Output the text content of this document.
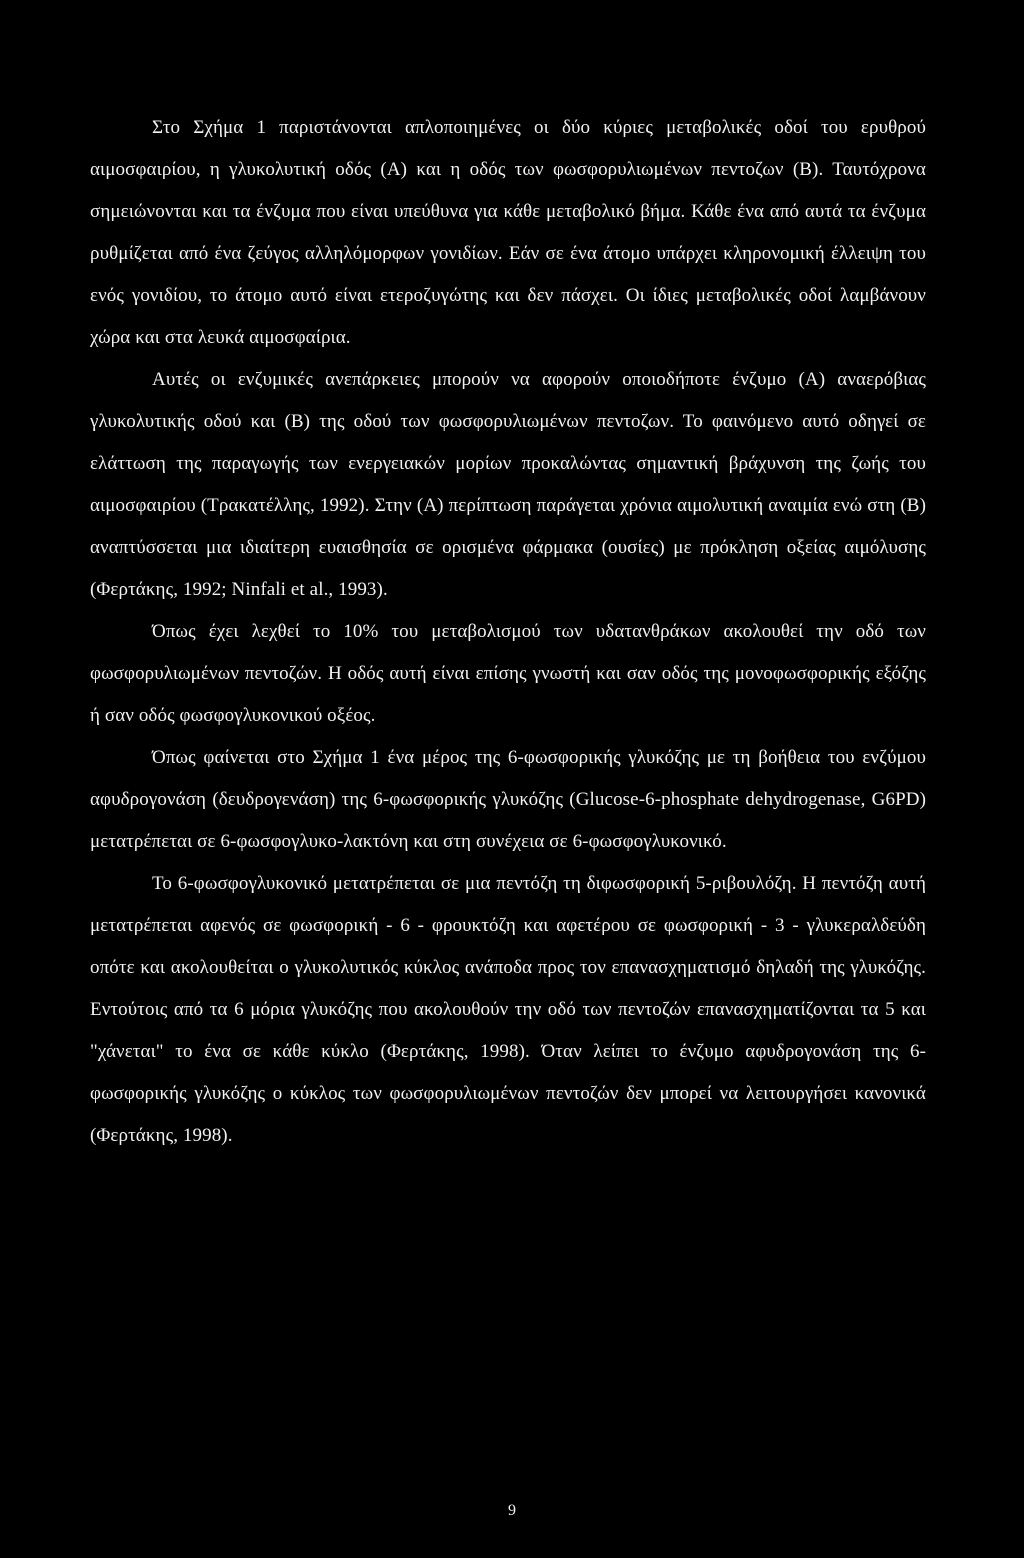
Στο Σχήμα 1 παριστάνονται απλοποιημένες οι δύο κύριες μεταβολικές οδοί του ερυθρού αιμοσφαιρίου, η γλυκολυτική οδός (Α) και η οδός των φωσφορυλιωμένων πεντοζων (Β). Ταυτόχρονα σημειώνονται και τα ένζυμα που είναι υπεύθυνα για κάθε μεταβολικό βήμα. Κάθε ένα από αυτά τα ένζυμα ρυθμίζεται από ένα ζεύγος αλληλόμορφων γονιδίων. Εάν σε ένα άτομο υπάρχει κληρονομική έλλειψη του ενός γονιδίου, το άτομο αυτό είναι ετεροζυγώτης και δεν πάσχει. Οι ίδιες μεταβολικές οδοί λαμβάνουν χώρα και στα λευκά αιμοσφαίρια.

Αυτές οι ενζυμικές ανεπάρκειες μπορούν να αφορούν οποιοδήποτε ένζυμο (Α) αναερόβιας γλυκολυτικής οδού και (Β) της οδού των φωσφορυλιωμένων πεντοζων. Το φαινόμενο αυτό οδηγεί σε ελάττωση της παραγωγής των ενεργειακών μορίων προκαλώντας σημαντική βράχυνση της ζωής του αιμοσφαιρίου (Τρακατέλλης, 1992). Στην (Α) περίπτωση παράγεται χρόνια αιμολυτική αναιμία ενώ στη (Β) αναπτύσσεται μια ιδιαίτερη ευαισθησία σε ορισμένα φάρμακα (ουσίες) με πρόκληση οξείας αιμόλυσης (Φερτάκης, 1992; Ninfali et al., 1993).

Όπως έχει λεχθεί το 10% του μεταβολισμού των υδατανθράκων ακολουθεί την οδό των φωσφορυλιωμένων πεντοζών. Η οδός αυτή είναι επίσης γνωστή και σαν οδός της μονοφωσφορικής εξόζης ή σαν οδός φωσφογλυκονικού οξέος.

Όπως φαίνεται στο Σχήμα 1 ένα μέρος της 6-φωσφορικής γλυκόζης με τη βοήθεια του ενζύμου αφυδρογονάση (δευδρογενάση) της 6-φωσφορικής γλυκόζης (Glucose-6-phosphate dehydrogenase, G6PD) μετατρέπεται σε 6-φωσφογλυκο-λακτόνη και στη συνέχεια σε 6-φωσφογλυκονικό.

Το 6-φωσφογλυκονικό μετατρέπεται σε μια πεντόζη τη διφωσφορική 5-ριβουλόζη. Η πεντόζη αυτή μετατρέπεται αφενός σε φωσφορική - 6 - φρουκτόζη και αφετέρου σε φωσφορική - 3 - γλυκεραλδεύδη οπότε και ακολουθείται ο γλυκολυτικός κύκλος ανάποδα προς τον επανασχηματισμό δηλαδή της γλυκόζης. Εντούτοις από τα 6 μόρια γλυκόζης που ακολουθούν την οδό των πεντοζών επανασχηματίζονται τα 5 και "χάνεται" το ένα σε κάθε κύκλο (Φερτάκης, 1998). Όταν λείπει το ένζυμο αφυδρογονάση της 6-φωσφορικής γλυκόζης ο κύκλος των φωσφορυλιωμένων πεντοζών δεν μπορεί να λειτουργήσει κανονικά (Φερτάκης, 1998).

9
